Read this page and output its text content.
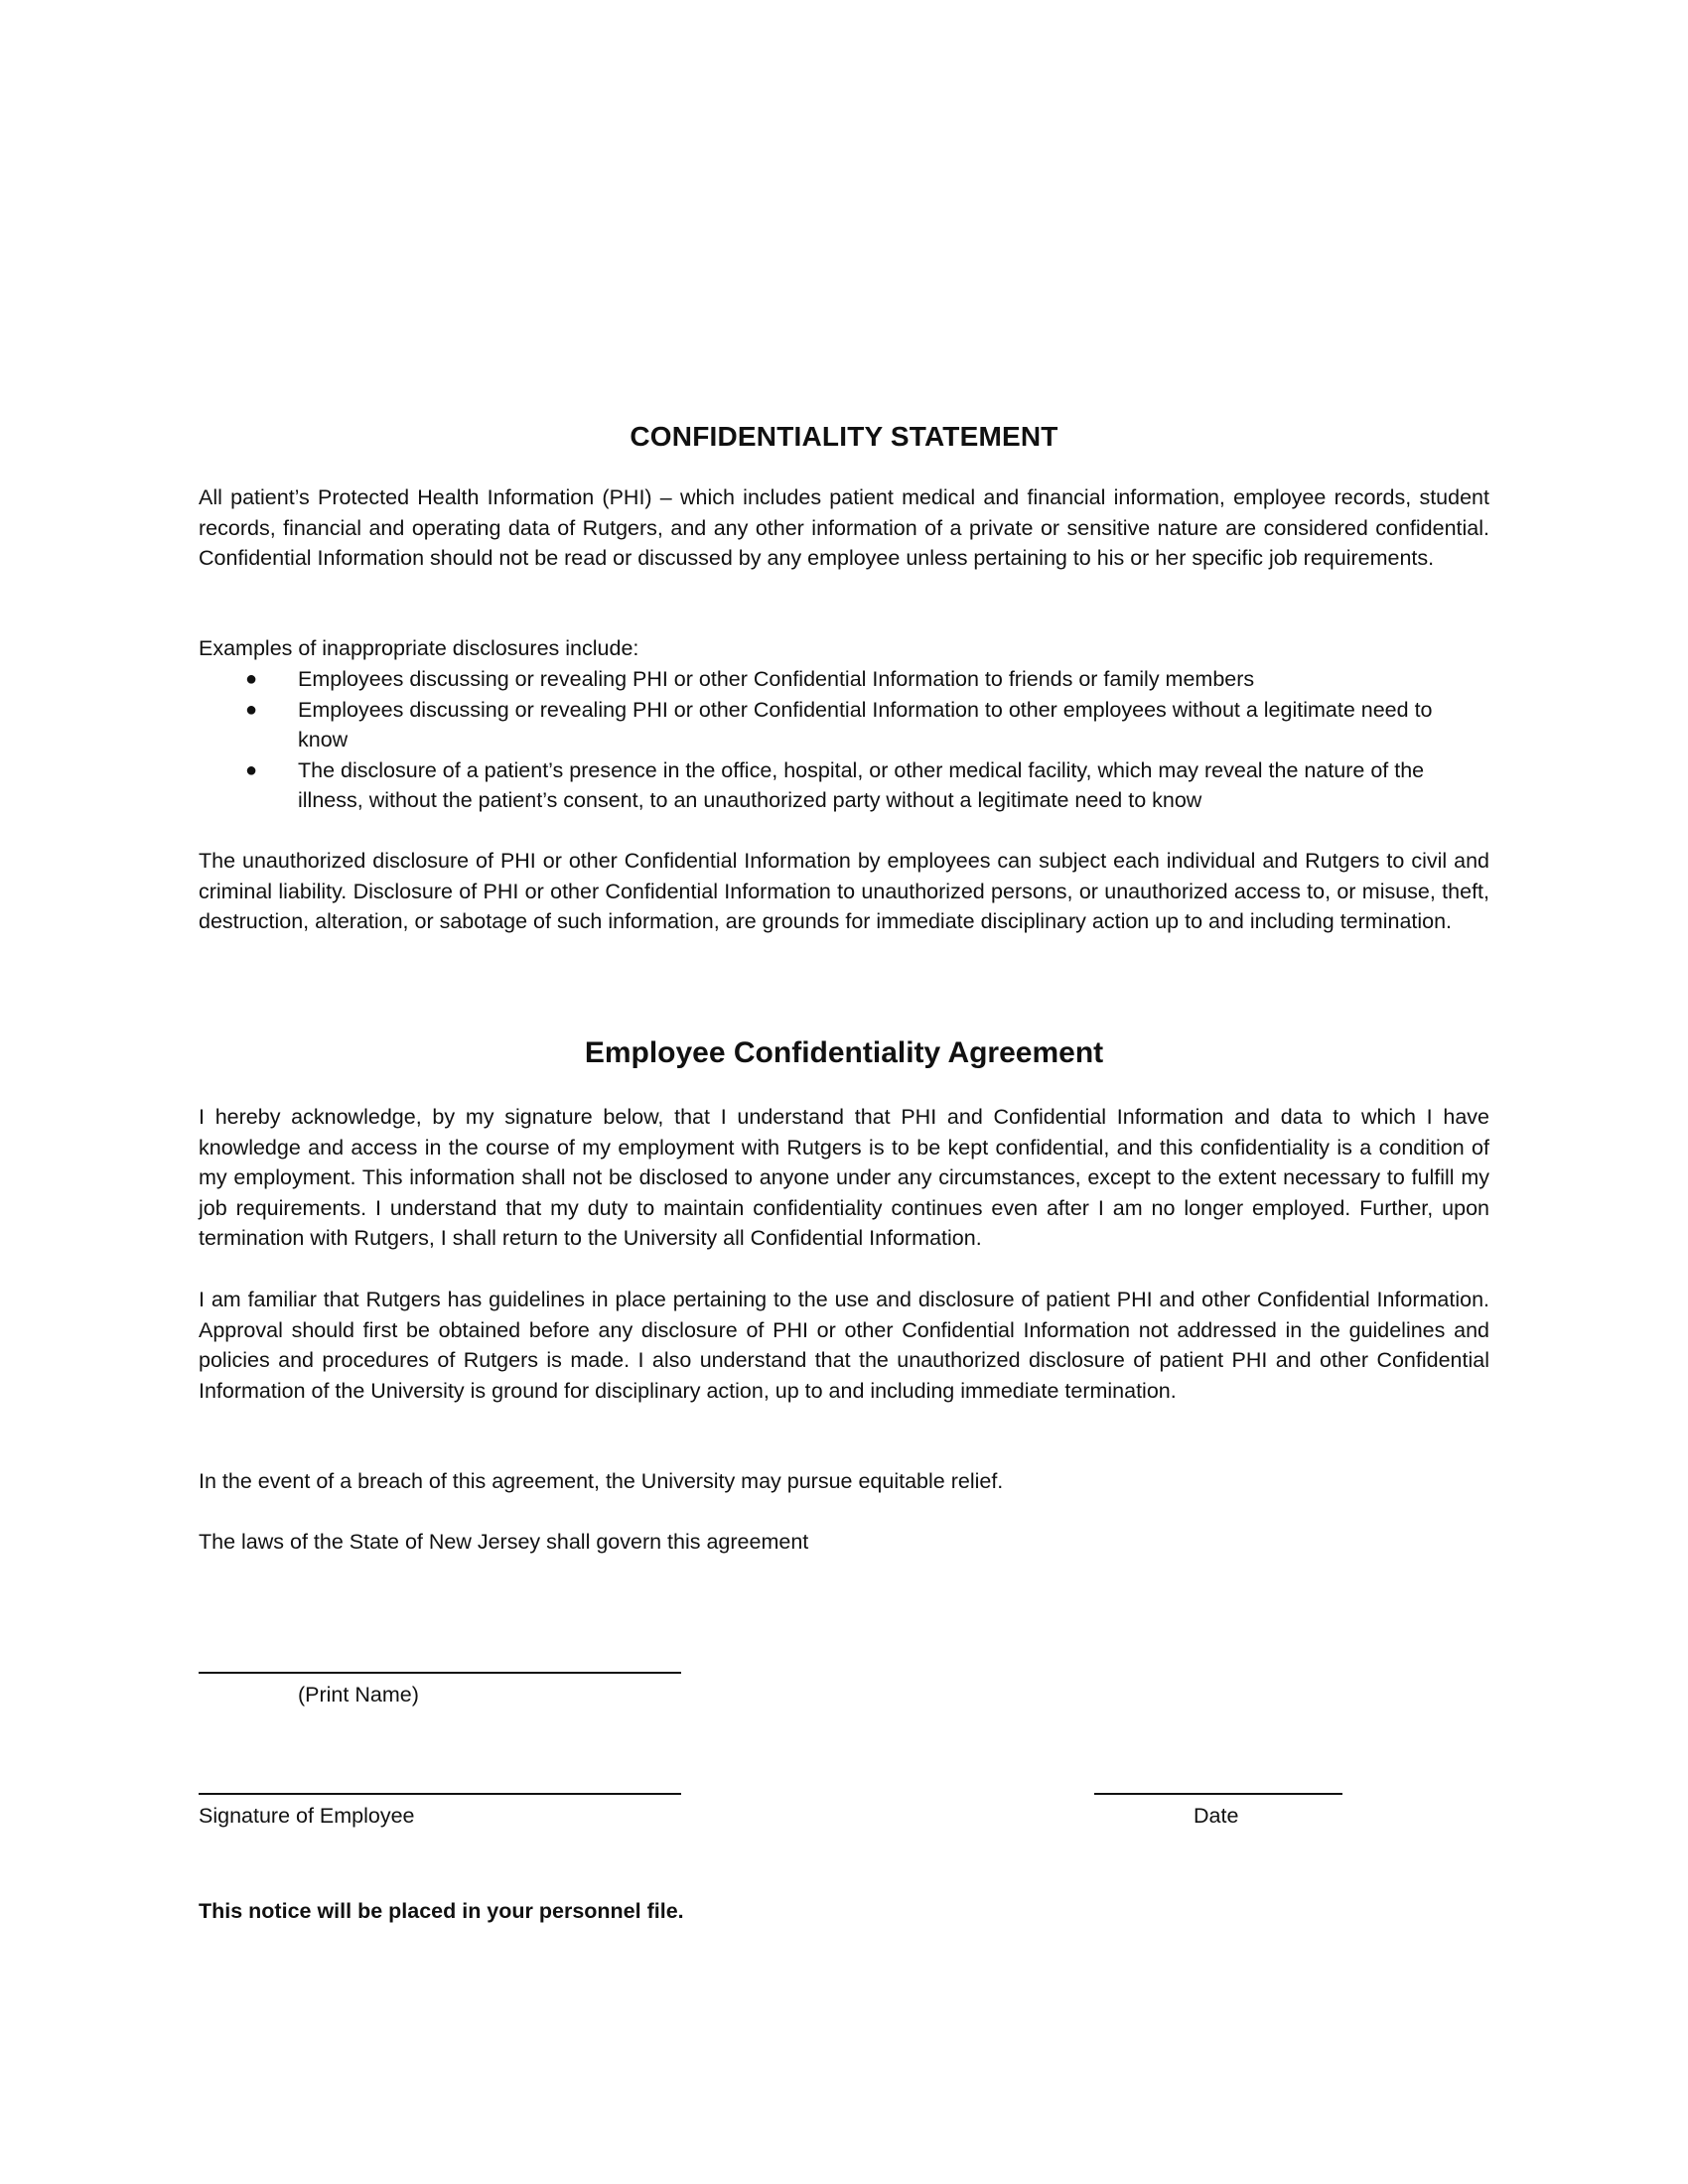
CONFIDENTIALITY STATEMENT

All patient’s Protected Health Information (PHI) – which includes patient medical and financial information, employee records, student records, financial and operating data of Rutgers, and any other information of a private or sensitive nature are considered confidential. Confidential Information should not be read or discussed by any employee unless pertaining to his or her specific job requirements.

Examples of inappropriate disclosures include:

● Employees discussing or revealing PHI or other Confidential Information to friends or family members
● Employees discussing or revealing PHI or other Confidential Information to other employees without a legitimate need to know
● The disclosure of a patient’s presence in the office, hospital, or other medical facility, which may reveal the nature of the illness, without the patient’s consent, to an unauthorized party without a legitimate need to know

The unauthorized disclosure of PHI or other Confidential Information by employees can subject each individual and Rutgers to civil and criminal liability. Disclosure of PHI or other Confidential Information to unauthorized persons, or unauthorized access to, or misuse, theft, destruction, alteration, or sabotage of such information, are grounds for immediate disciplinary action up to and including termination.

Employee Confidentiality Agreement

I hereby acknowledge, by my signature below, that I understand that PHI and Confidential Information and data to which I have knowledge and access in the course of my employment with Rutgers is to be kept confidential, and this confidentiality is a condition of my employment. This information shall not be disclosed to anyone under any circumstances, except to the extent necessary to fulfill my job requirements. I understand that my duty to maintain confidentiality continues even after I am no longer employed. Further, upon termination with Rutgers, I shall return to the University all Confidential Information.

I am familiar that Rutgers has guidelines in place pertaining to the use and disclosure of patient PHI and other Confidential Information. Approval should first be obtained before any disclosure of PHI or other Confidential Information not addressed in the guidelines and policies and procedures of Rutgers is made. I also understand that the unauthorized disclosure of patient PHI and other Confidential Information of the University is ground for disciplinary action, up to and including immediate termination.

In the event of a breach of this agreement, the University may pursue equitable relief.

The laws of the State of New Jersey shall govern this agreement

(Print Name)

Signature of Employee	Date

This notice will be placed in your personnel file.
